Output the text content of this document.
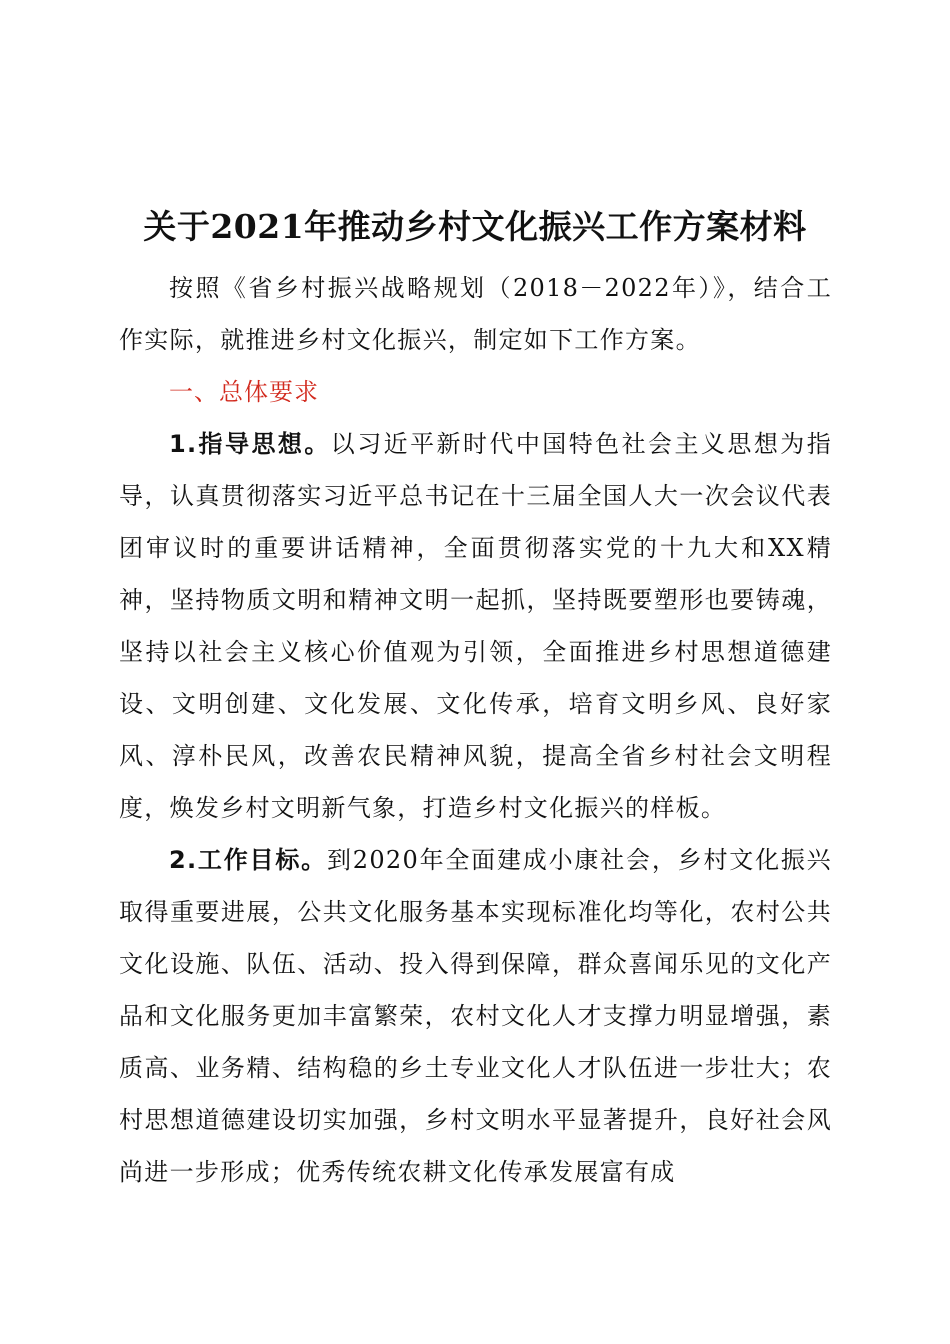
关于2021年推动乡村文化振兴工作方案材料

按照《省乡村振兴战略规划（2018－2022年）》，结合工作实际，就推进乡村文化振兴，制定如下工作方案。

一、总体要求

1.指导思想。以习近平新时代中国特色社会主义思想为指导，认真贯彻落实习近平总书记在十三届全国人大一次会议代表团审议时的重要讲话精神，全面贯彻落实党的十九大和XX精神，坚持物质文明和精神文明一起抓，坚持既要塑形也要铸魂，坚持以社会主义核心价值观为引领，全面推进乡村思想道德建设、文明创建、文化发展、文化传承，培育文明乡风、良好家风、淳朴民风，改善农民精神风貌，提高全省乡村社会文明程度，焕发乡村文明新气象，打造乡村文化振兴的样板。

2.工作目标。到2020年全面建成小康社会，乡村文化振兴取得重要进展，公共文化服务基本实现标准化均等化，农村公共文化设施、队伍、活动、投入得到保障，群众喜闻乐见的文化产品和文化服务更加丰富繁荣，农村文化人才支撑力明显增强，素质高、业务精、结构稳的乡土专业文化人才队伍进一步壮大；农村思想道德建设切实加强，乡村文明水平显著提升，良好社会风尚进一步形成；优秀传统农耕文化传承发展富有成
